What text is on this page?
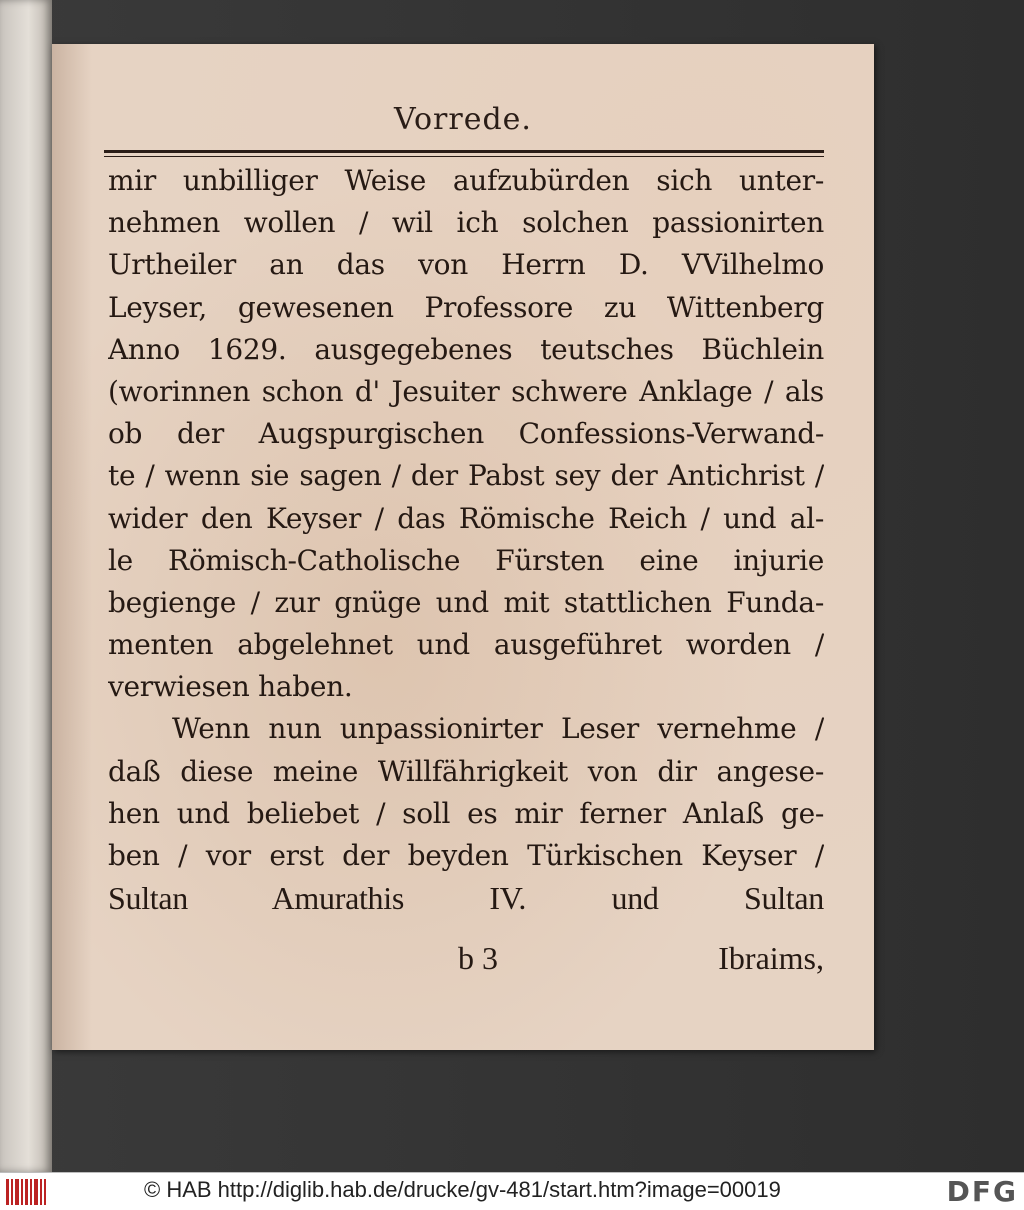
Vorrede.
mir unbilliger Weise aufzubürden sich unter-
nehmen wollen / wil ich solchen passionirten
Urtheiler an das von Herrn D. VVilhelmo
Leyser, gewesenen Professore zu Wittenberg
Anno 1629. ausgegebenes teutsches Büchlein
(worinnen schon d' Jesuiter schwere Anklage / als
ob der Augspurgischen Confessions-Verwand-
te / wenn sie sagen / der Pabst sey der Antichrist /
wider den Keyser / das Römische Reich / und al-
le Römisch-Catholische Fürsten eine injurie
begienge / zur gnüge und mit stattlichen Funda-
menten abgelehnet und ausgeführet worden /
verwiesen haben.
Wenn nun unpassionirter Leser vernehme /
daß diese meine Willfährigkeit von dir angese-
hen und beliebet / soll es mir ferner Anlaß ge-
ben / vor erst der beyden Türkischen Keyser /
Sultan Amurathis IV. und Sultan
b 3	Ibraims,
© HAB http://diglib.hab.de/drucke/gv-481/start.htm?image=00019	DFG
